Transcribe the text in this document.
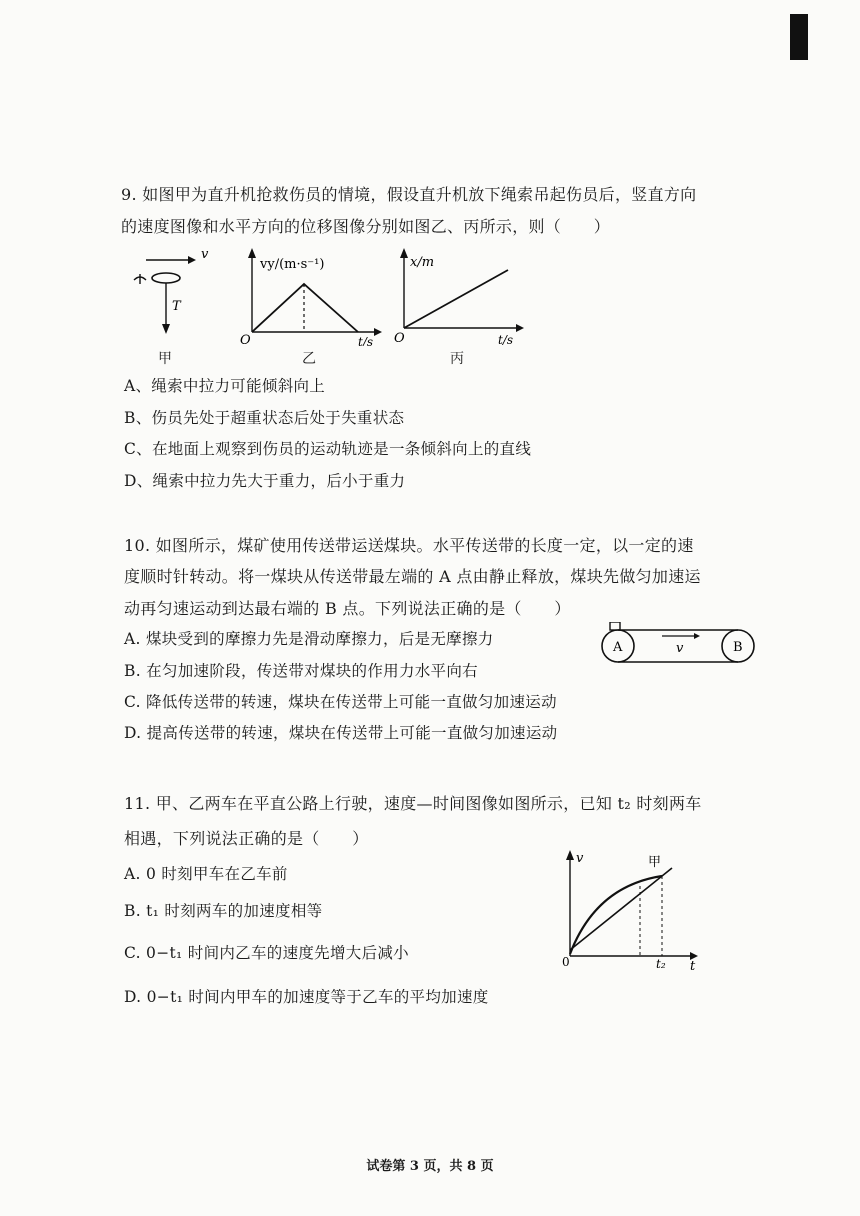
9. 如图甲为直升机抢救伤员的情境，假设直升机放下绳索吊起伤员后，竖直方向
的速度图像和水平方向的位移图像分别如图乙、丙所示，则（　　）
v
T
甲
vy/(m·s⁻¹)
O	t/s
乙
x/m
O	t/s
丙
A、绳索中拉力可能倾斜向上
B、伤员先处于超重状态后处于失重状态
C、在地面上观察到伤员的运动轨迹是一条倾斜向上的直线
D、绳索中拉力先大于重力，后小于重力
10. 如图所示，煤矿使用传送带运送煤块。水平传送带的长度一定，以一定的速
度顺时针转动。将一煤块从传送带最左端的 A 点由静止释放，煤块先做匀加速运
动再匀速运动到达最右端的 B 点。下列说法正确的是（　　）
v
A	B
A. 煤块受到的摩擦力先是滑动摩擦力，后是无摩擦力
B. 在匀加速阶段，传送带对煤块的作用力水平向右
C. 降低传送带的转速，煤块在传送带上可能一直做匀加速运动
D. 提高传送带的转速，煤块在传送带上可能一直做匀加速运动
11. 甲、乙两车在平直公路上行驶，速度—时间图像如图所示，已知 t₂ 时刻两车
相遇，下列说法正确的是（　　）
v	甲
0	t₂ t
A. 0 时刻甲车在乙车前
B. t₁ 时刻两车的加速度相等
C. 0−t₁ 时间内乙车的速度先增大后减小
D. 0−t₁ 时间内甲车的加速度等于乙车的平均加速度
试卷第 3 页，共 8 页
